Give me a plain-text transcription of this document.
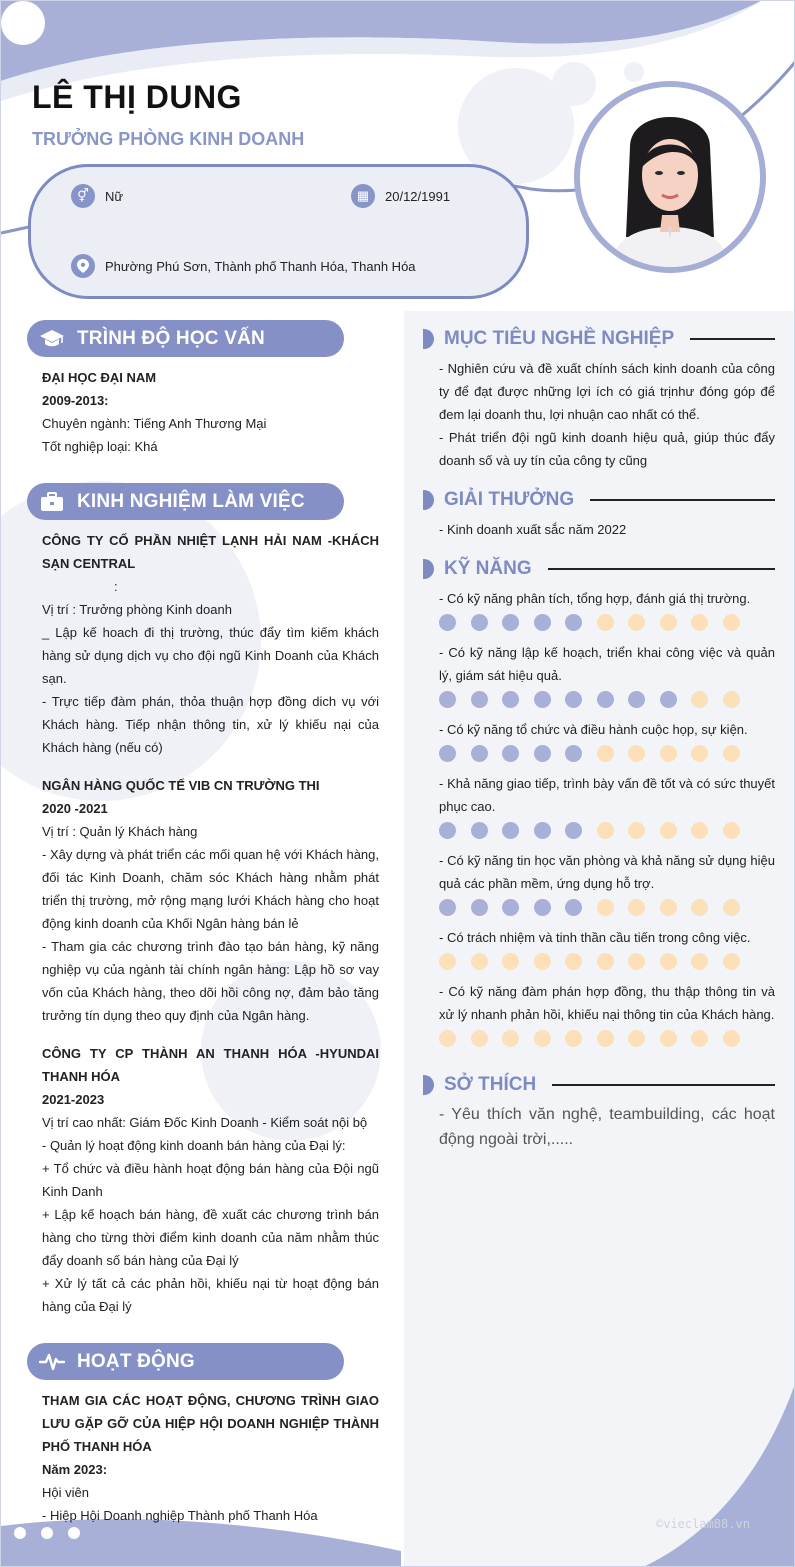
LÊ THỊ DUNG
TRƯỞNG PHÒNG KINH DOANH
⚥	Nữ	▦	20/12/1991
Phường Phú Sơn, Thành phố Thanh Hóa, Thanh Hóa
TRÌNH ĐỘ HỌC VẤN
ĐẠI HỌC ĐẠI NAM
2009-2013:
Chuyên ngành: Tiếng Anh Thương Mại
Tốt nghiệp loại: Khá
KINH NGHIỆM LÀM VIỆC
CÔNG TY CỐ PHẦN NHIỆT LẠNH HẢI NAM -KHÁCH SẠN CENTRAL
:
Vị trí : Trưởng phòng Kinh doanh
_ Lập kế hoach đi thị trường, thúc đẩy tìm kiếm khách hàng sử dụng dịch vụ cho đội ngũ Kinh Doanh của Khách sạn.
- Trực tiếp đàm phán, thỏa thuận hợp đồng dich vụ với Khách hàng. Tiếp nhận thông tin, xử lý khiếu nại của Khách hàng (nếu có)
NGÂN HÀNG QUỐC TẾ VIB CN TRƯỜNG THI
2020 -2021
Vị trí : Quản lý Khách hàng
- Xây dựng và phát triển các mối quan hệ với Khách hàng, đối tác Kinh Doanh, chăm sóc Khách hàng nhằm phát triển thị trường, mở rộng mạng lưới Khách hàng cho hoạt động kinh doanh của Khối Ngân hàng bán lẻ
- Tham gia các chương trình đào tạo bán hàng, kỹ năng nghiệp vụ của ngành tài chính ngân hàng: Lập hồ sơ vay vốn của Khách hàng, theo dõi hồi công nợ, đảm bảo tăng trưởng tín dụng theo quy định của Ngân hàng.
CÔNG TY CP THÀNH AN THANH HÓA -HYUNDAI THANH HÓA
2021-2023
Vị trí cao nhất: Giám Đốc Kinh Doanh - Kiểm soát nội bộ
- Quản lý hoạt động kinh doanh bán hàng của Đại lý:
+ Tổ chức và điều hành hoạt động bán hàng của Đội ngũ Kinh Danh
+ Lập kế hoạch bán hàng, đề xuất các chương trình bán hàng cho từng thời điểm kinh doanh của năm nhằm thúc đẩy doanh số bán hàng của Đại lý
+ Xử lý tất cả các phản hồi, khiếu nại từ hoạt động bán hàng của Đại lý
HOẠT ĐỘNG
THAM GIA CÁC HOẠT ĐỘNG, CHƯƠNG TRÌNH GIAO LƯU GẶP GỠ CỦA HIỆP HỘI DOANH NGHIỆP THÀNH PHỐ THANH HÓA
Năm 2023:
Hội viên
- Hiệp Hội Doanh nghiệp Thành phố Thanh Hóa
MỤC TIÊU NGHỀ NGHIỆP
- Nghiên cứu và đề xuất chính sách kinh doanh của công ty để đạt được những lợi ích có giá trịnhư đóng góp để đem lại doanh thu, lợi nhuận cao nhất có thể.
- Phát triển đội ngũ kinh doanh hiệu quả, giúp thúc đẩy doanh số và uy tín của công ty cũng
GIẢI THƯỞNG
- Kinh doanh xuất sắc năm 2022
KỸ NĂNG
- Có kỹ năng phân tích, tổng hợp, đánh giá thị trường.
- Có kỹ năng lập kế hoạch, triển khai công việc và quản lý, giám sát hiệu quả.
- Có kỹ năng tổ chức và điều hành cuộc họp, sự kiện.
- Khả năng giao tiếp, trình bày vấn đề tốt và có sức thuyết phục cao.
- Có kỹ năng tin học văn phòng và khả năng sử dụng hiệu quả các phần mềm, ứng dụng hỗ trợ.
- Có trách nhiệm và tinh thần cầu tiến trong công việc.
- Có kỹ năng đàm phán hợp đồng, thu thập thông tin và xử lý nhanh phản hồi, khiếu nại thông tin của Khách hàng.
SỞ THÍCH
- Yêu thích văn nghệ, teambuilding, các hoạt động ngoài trời,.....
©vieclam88.vn
